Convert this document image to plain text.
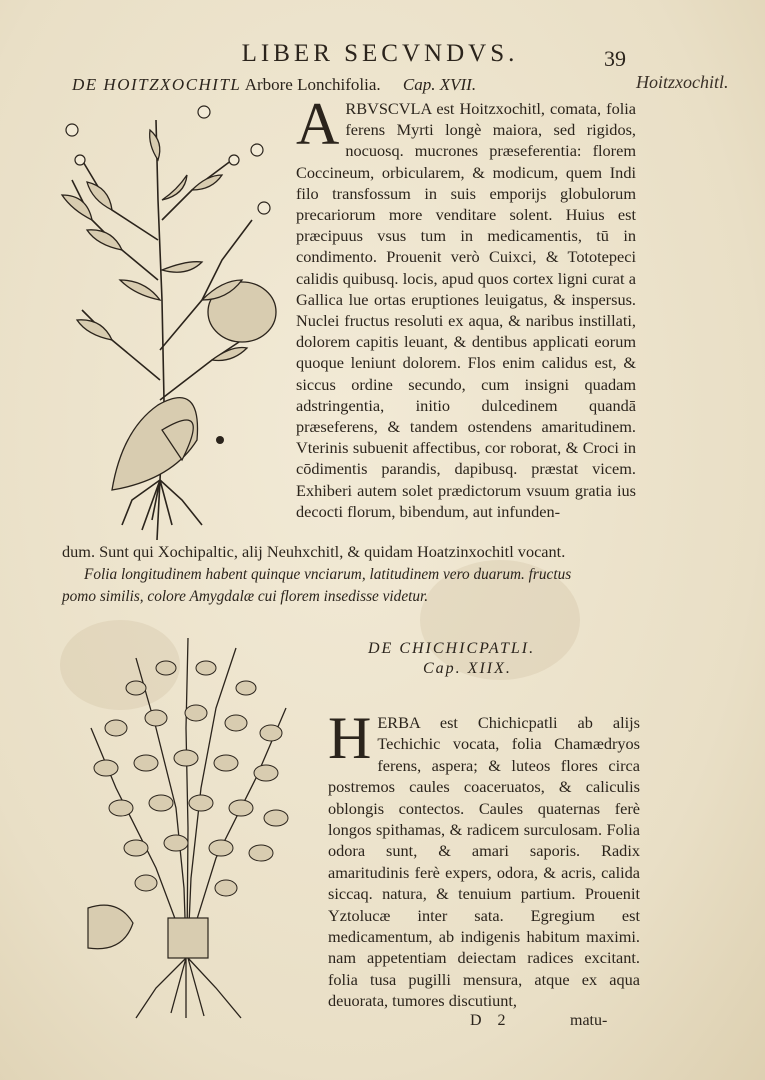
LIBER SECVNDVS.	39
DE HOITZXOCHITL Arbore Lonchifolia. Cap. XVII.	Hoitzxochitl.
A RBVSCVLA est Hoitzxochitl, comata, folia ferens Myrti longè maiora, sed rigidos, nocuosq. mucrones præseferentia: florem Coccineum, orbicularem, & modicum, quem Indi filo transfossum in suis emporijs globulorum precariorum more venditare solent. Huius est præcipuus vsus tum in medicamentis, tū in condimento. Prouenit verò Cuixci, & Tototepeci calidis quibusq. locis, apud quos cortex ligni curat a Gallica lue ortas eruptiones leuigatus, & inspersus. Nuclei fructus resoluti ex aqua, & naribus instillati, dolorem capitis leuant, & dentibus applicati eorum quoque leniunt dolorem. Flos enim calidus est, & siccus ordine secundo, cum insigni quadam adstringentia, initio dulcedinem quandā præseferens, & tandem ostendens amaritudinem. Vterinis subuenit affectibus, cor roborat, & Croci in cōdimentis parandis, dapibusq. præstat vicem. Exhiberi autem solet prædictorum vsuum gratia ius decocti florum, bibendum, aut infunden-
dum. Sunt qui Xochipaltic, alij Neuhxchitl, & quidam Hoatzinxochitl vocant.
Folia longitudinem habent quinque vnciarum, latitudinem vero duarum. fructus
pomo similis, colore Amygdalæ cui florem insedisse videtur.
DE CHICHICPATLI.
Cap. XIIX.
H ERBA est Chichicpatli ab alijs Techichic vocata, folia Chamædryos ferens, aspera; & luteos flores circa postremos caules coaceruatos, & caliculis oblongis contectos. Caules quaternas ferè longos spithamas, & radicem surculosam. Folia odora sunt, & amari saporis. Radix amaritudinis ferè expers, odora, & acris, calida siccaq. natura, & tenuium partium. Prouenit Yztolucæ inter sata. Egregium est medicamentum, ab indigenis habitum maximi. nam appetentiam deiectam radices excitant. folia tusa pugilli mensura, atque ex aqua deuorata, tumores discutiunt,
D 2	matu-
